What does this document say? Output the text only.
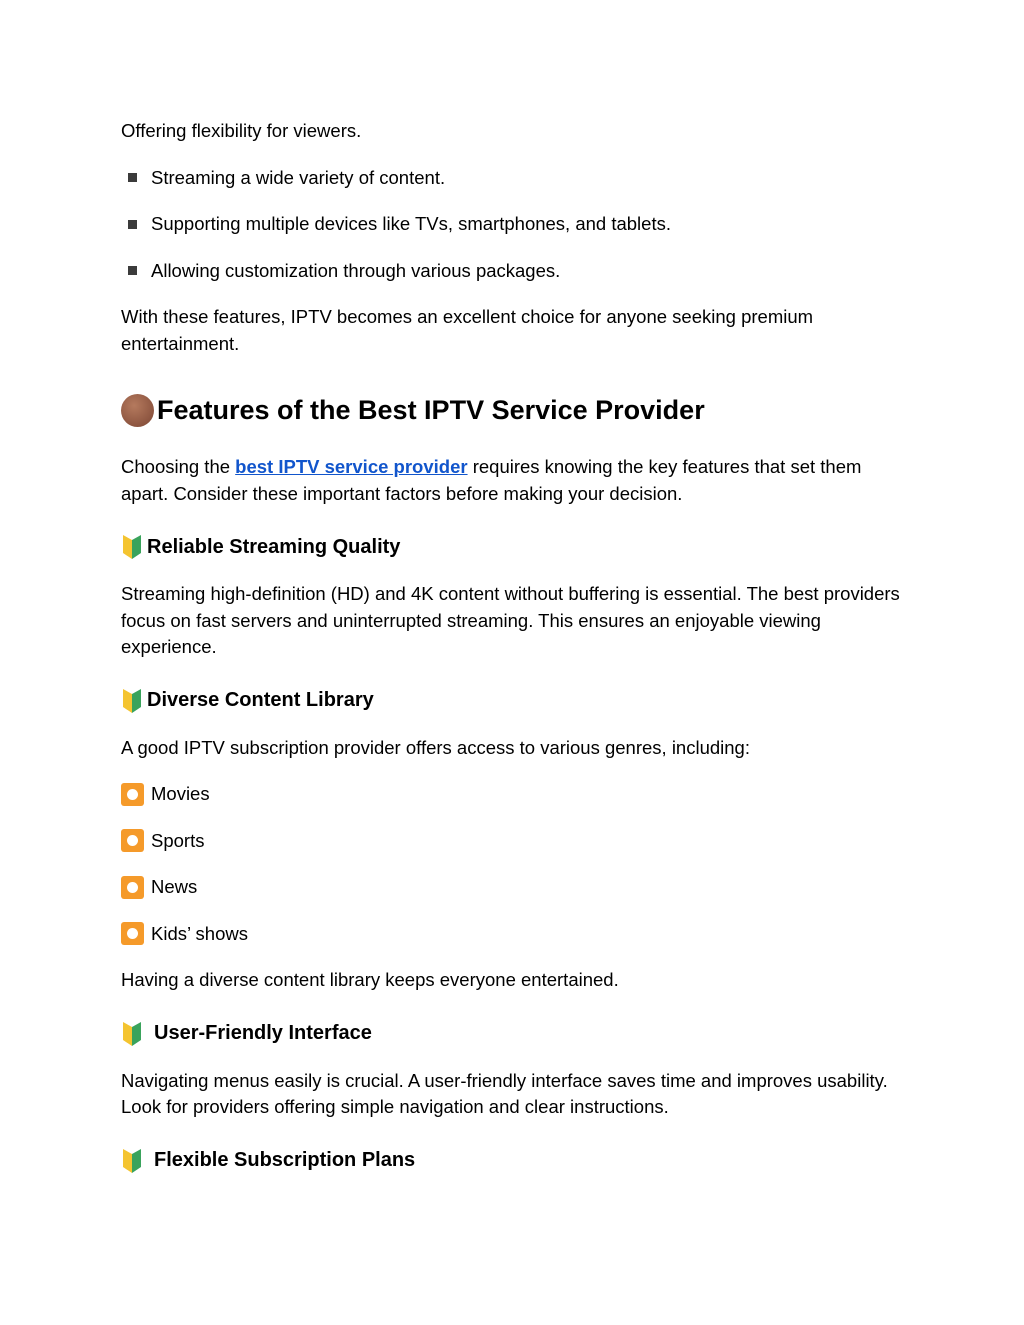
Offering flexibility for viewers.

Streaming a wide variety of content.
Supporting multiple devices like TVs, smartphones, and tablets.
Allowing customization through various packages.

With these features, IPTV becomes an excellent choice for anyone seeking premium entertainment.

Features of the Best IPTV Service Provider

Choosing the best IPTV service provider requires knowing the key features that set them apart. Consider these important factors before making your decision.

Reliable Streaming Quality

Streaming high-definition (HD) and 4K content without buffering is essential. The best providers focus on fast servers and uninterrupted streaming. This ensures an enjoyable viewing experience.

Diverse Content Library

A good IPTV subscription provider offers access to various genres, including:

Movies
Sports
News
Kids’ shows

Having a diverse content library keeps everyone entertained.

User-Friendly Interface

Navigating menus easily is crucial. A user-friendly interface saves time and improves usability. Look for providers offering simple navigation and clear instructions.

Flexible Subscription Plans
